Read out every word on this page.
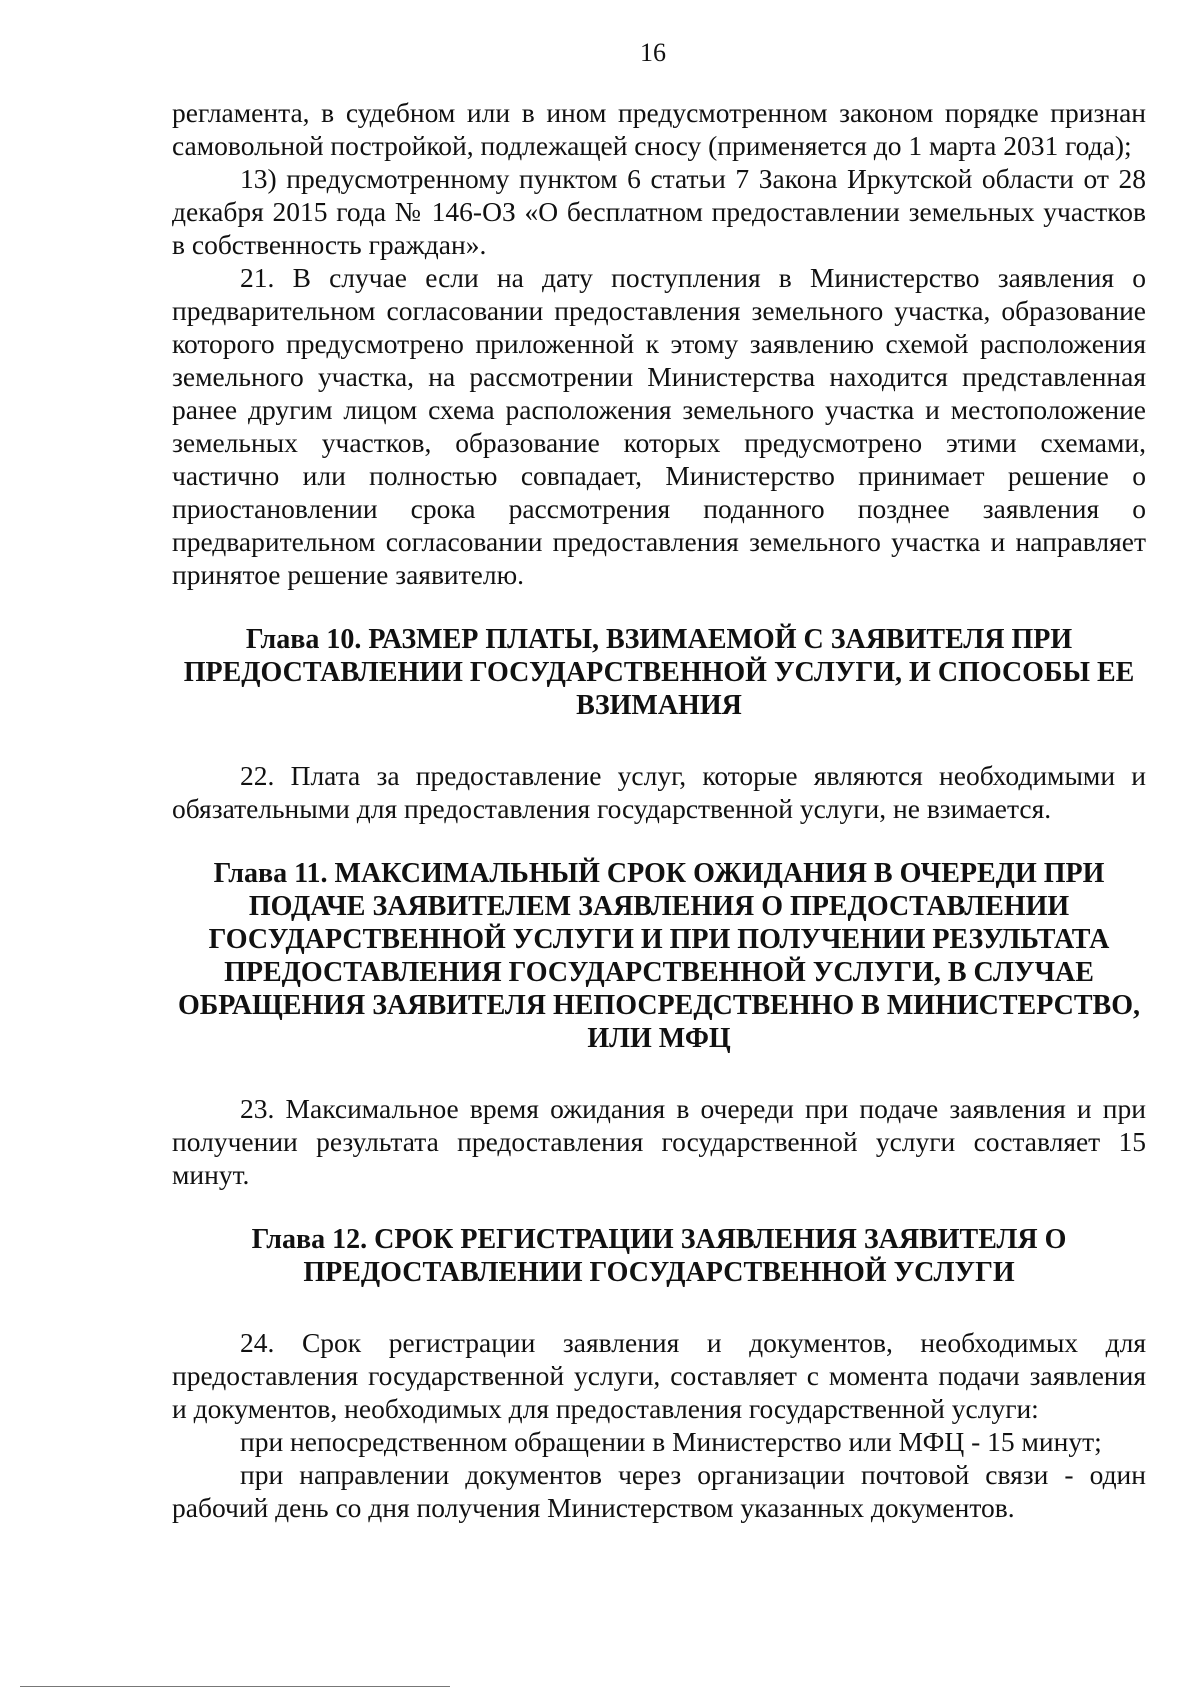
16

регламента, в судебном или в ином предусмотренном законом порядке признан самовольной постройкой, подлежащей сносу (применяется до 1 марта 2031 года);

13) предусмотренному пунктом 6 статьи 7 Закона Иркутской области от 28 декабря 2015 года № 146-ОЗ «О бесплатном предоставлении земельных участков в собственность граждан».

21. В случае если на дату поступления в Министерство заявления о предварительном согласовании предоставления земельного участка, образование которого предусмотрено приложенной к этому заявлению схемой расположения земельного участка, на рассмотрении Министерства находится представленная ранее другим лицом схема расположения земельного участка и местоположение земельных участков, образование которых предусмотрено этими схемами, частично или полностью совпадает, Министерство принимает решение о приостановлении срока рассмотрения поданного позднее заявления о предварительном согласовании предоставления земельного участка и направляет принятое решение заявителю.

Глава 10. РАЗМЕР ПЛАТЫ, ВЗИМАЕМОЙ С ЗАЯВИТЕЛЯ ПРИ ПРЕДОСТАВЛЕНИИ ГОСУДАРСТВЕННОЙ УСЛУГИ, И СПОСОБЫ ЕЕ ВЗИМАНИЯ

22. Плата за предоставление услуг, которые являются необходимыми и обязательными для предоставления государственной услуги, не взимается.

Глава 11. МАКСИМАЛЬНЫЙ СРОК ОЖИДАНИЯ В ОЧЕРЕДИ ПРИ ПОДАЧЕ ЗАЯВИТЕЛЕМ ЗАЯВЛЕНИЯ О ПРЕДОСТАВЛЕНИИ ГОСУДАРСТВЕННОЙ УСЛУГИ И ПРИ ПОЛУЧЕНИИ РЕЗУЛЬТАТА ПРЕДОСТАВЛЕНИЯ ГОСУДАРСТВЕННОЙ УСЛУГИ, В СЛУЧАЕ ОБРАЩЕНИЯ ЗАЯВИТЕЛЯ НЕПОСРЕДСТВЕННО В МИНИСТЕРСТВО, ИЛИ МФЦ

23. Максимальное время ожидания в очереди при подаче заявления и при получении результата предоставления государственной услуги составляет 15 минут.

Глава 12. СРОК РЕГИСТРАЦИИ ЗАЯВЛЕНИЯ ЗАЯВИТЕЛЯ О ПРЕДОСТАВЛЕНИИ ГОСУДАРСТВЕННОЙ УСЛУГИ

24. Срок регистрации заявления и документов, необходимых для предоставления государственной услуги, составляет с момента подачи заявления и документов, необходимых для предоставления государственной услуги:

при непосредственном обращении в Министерство или МФЦ - 15 минут;

при направлении документов через организации почтовой связи - один рабочий день со дня получения Министерством указанных документов.
